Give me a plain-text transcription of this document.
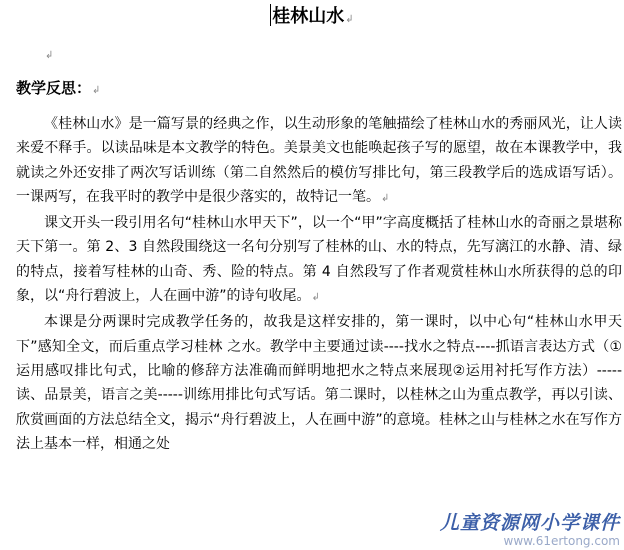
桂林山水↲
↲
教学反思：↲

《桂林山水》是一篇写景的经典之作，以生动形象的笔触描绘了桂林山水的秀丽风光，让人读来爱不释手。以读品味是本文教学的特色。美景美文也能唤起孩子写的愿望，故在本课教学中，我就读之外还安排了两次写话训练（第二自然然后的模仿写排比句，第三段教学后的选成语写话）。一课两写，在我平时的教学中是很少落实的，故特记一笔。↲

课文开头一段引用名句“桂林山水甲天下”，以一个“甲”字高度概括了桂林山水的奇丽之景堪称天下第一。第 2、3 自然段围绕这一名句分别写了桂林的山、水的特点，先写漓江的水静、清、绿的特点，接着写桂林的山奇、秀、险的特点。第 4 自然段写了作者观赏桂林山水所获得的总的印象，以“舟行碧波上，人在画中游”的诗句收尾。↲

本课是分两课时完成教学任务的，故我是这样安排的，第一课时，以中心句“桂林山水甲天下”感知全文，而后重点学习桂林 之水。教学中主要通过读----找水之特点----抓语言表达方式（①运用感叹排比句式，比喻的修辞方法准确而鲜明地把水之特点来展现②运用衬托写作方法）-----读、品景美，语言之美-----训练用排比句式写话。第二课时，以桂林之山为重点教学，再以引读、欣赏画面的方法总结全文，揭示“舟行碧波上，人在画中游”的意境。桂林之山与桂林之水在写作方法上基本一样，相通之处

儿童资源网小学课件
www.61ertong.com
